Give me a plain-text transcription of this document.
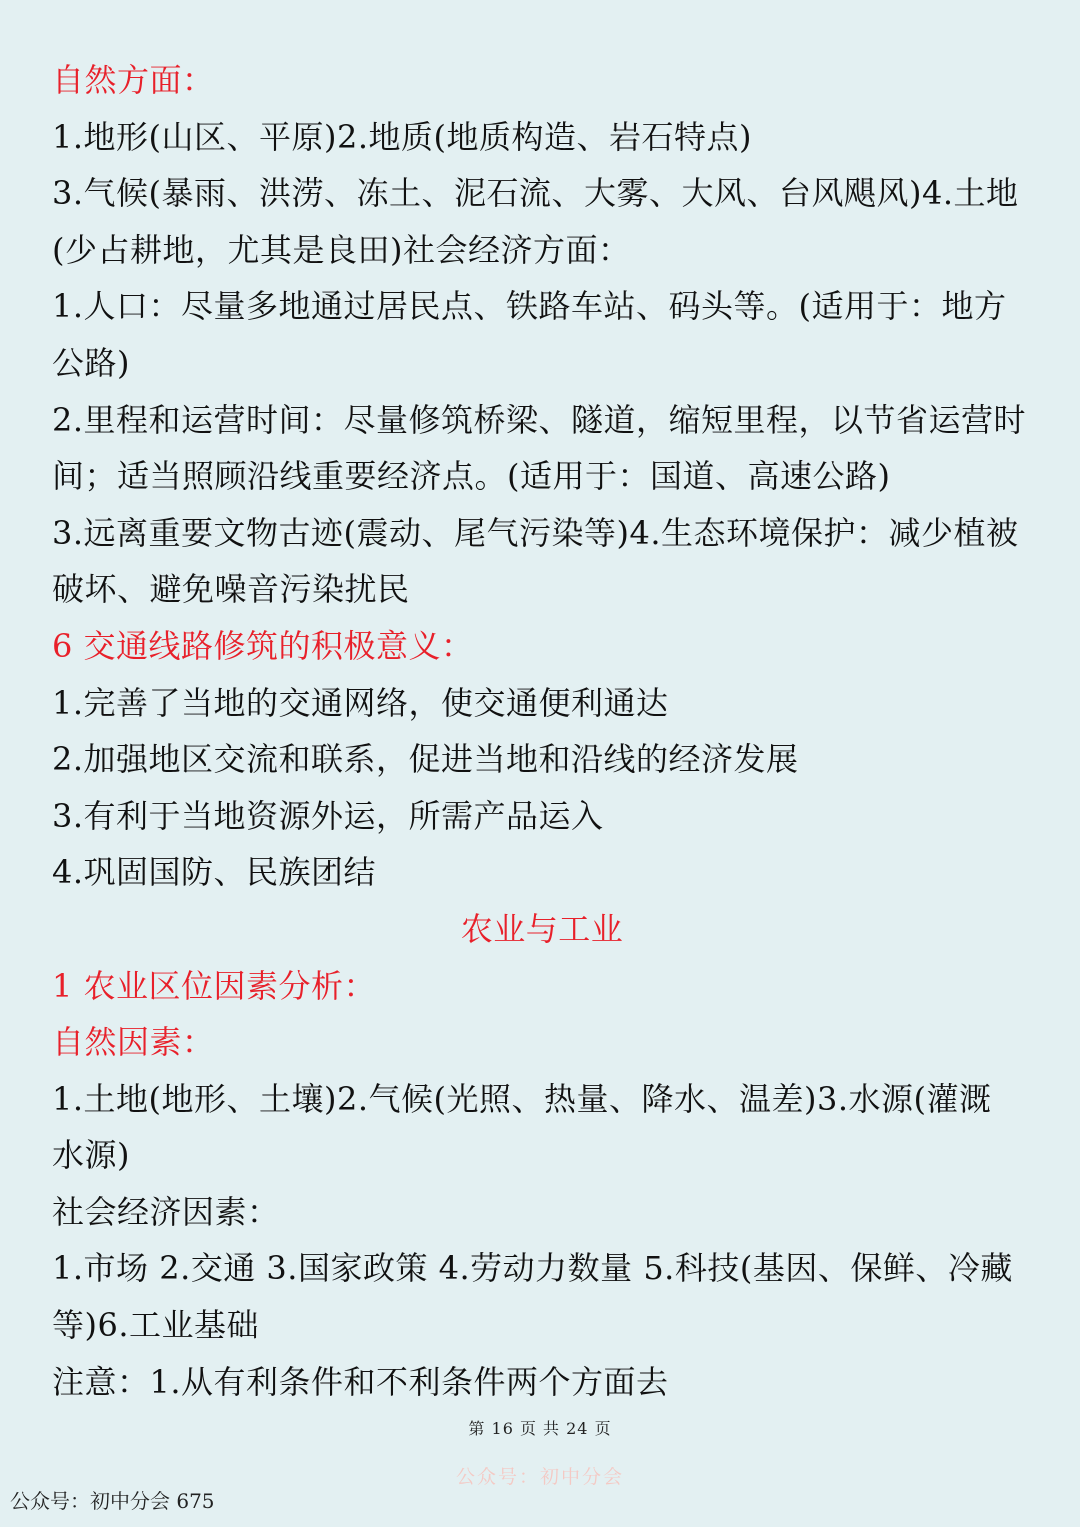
自然方面：
1.地形(山区、平原)2.地质(地质构造、岩石特点)
3.气候(暴雨、洪涝、冻土、泥石流、大雾、大风、台风飓风)4.土地
(少占耕地，尤其是良田)社会经济方面：
1.人口：尽量多地通过居民点、铁路车站、码头等。(适用于：地方
公路)
2.里程和运营时间：尽量修筑桥梁、隧道，缩短里程，以节省运营时
间；适当照顾沿线重要经济点。(适用于：国道、高速公路)
3.远离重要文物古迹(震动、尾气污染等)4.生态环境保护：减少植被
破坏、避免噪音污染扰民
6 交通线路修筑的积极意义：
1.完善了当地的交通网络，使交通便利通达
2.加强地区交流和联系，促进当地和沿线的经济发展
3.有利于当地资源外运，所需产品运入
4.巩固国防、民族团结
农业与工业
1 农业区位因素分析：
自然因素：
1.土地(地形、土壤)2.气候(光照、热量、降水、温差)3.水源(灌溉
水源)
社会经济因素：
1.市场 2.交通 3.国家政策 4.劳动力数量 5.科技(基因、保鲜、冷藏
等)6.工业基础
注意：1.从有利条件和不利条件两个方面去
第 16 页 共 24 页
公众号：初中分会
公众号：初中分会 675
